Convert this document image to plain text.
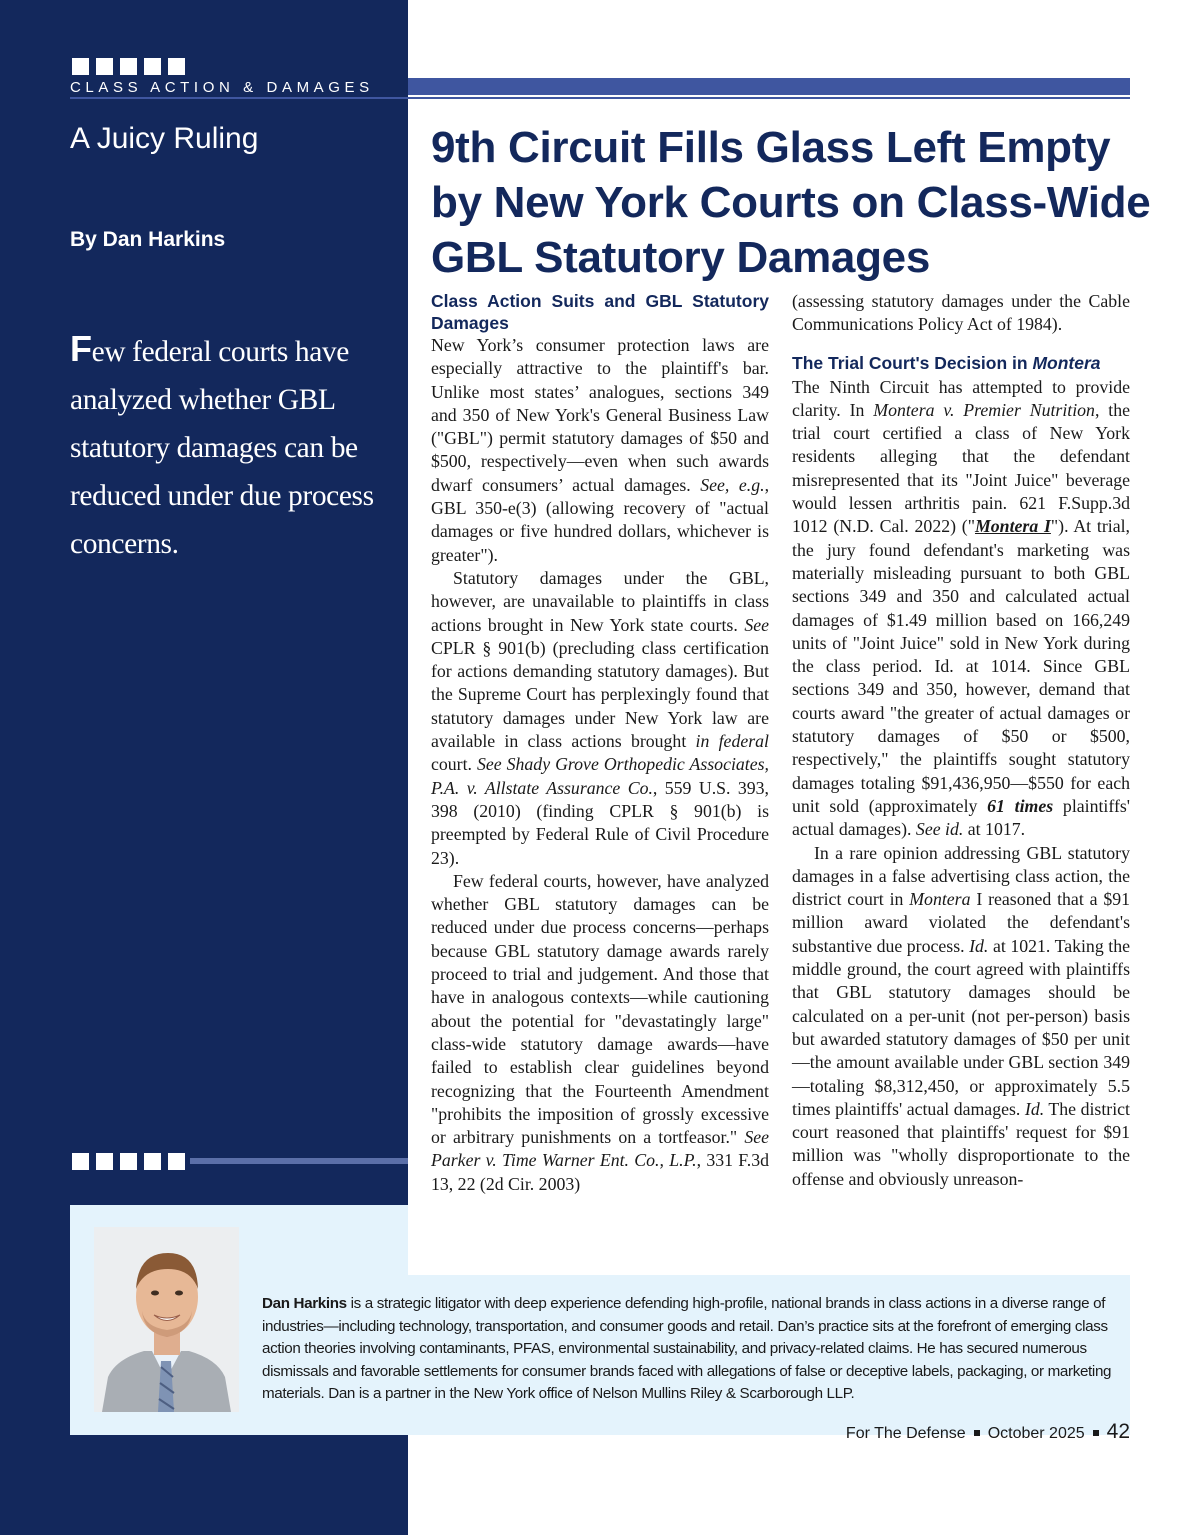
CLASS ACTION & DAMAGES
A Juicy Ruling
By Dan Harkins
Few federal courts have analyzed whether GBL statutory damages can be reduced under due process concerns.
9th Circuit Fills Glass Left Empty by New York Courts on Class-Wide GBL Statutory Damages

Class Action Suits and GBL Statutory Damages

New York’s consumer protection laws are especially attractive to the plaintiff's bar. Unlike most states’ analogues, sections 349 and 350 of New York's General Business Law ("GBL") permit statutory damages of $50 and $500, respectively—even when such awards dwarf consumers’ actual damages. See, e.g., GBL 350-e(3) (allowing recovery of "actual damages or five hundred dollars, whichever is greater").

Statutory damages under the GBL, however, are unavailable to plaintiffs in class actions brought in New York state courts. See CPLR § 901(b) (precluding class certification for actions demanding statutory damages). But the Supreme Court has perplexingly found that statutory damages under New York law are available in class actions brought in federal court. See Shady Grove Orthopedic Associates, P.A. v. Allstate Assurance Co., 559 U.S. 393, 398 (2010) (finding CPLR § 901(b) is preempted by Federal Rule of Civil Procedure 23).

Few federal courts, however, have analyzed whether GBL statutory damages can be reduced under due process concerns—perhaps because GBL statutory damage awards rarely proceed to trial and judgement. And those that have in analogous contexts—while cautioning about the potential for "devastatingly large" class-wide statutory damage awards—have failed to establish clear guidelines beyond recognizing that the Fourteenth Amendment "prohibits the imposition of grossly excessive or arbitrary punishments on a tortfeasor." See Parker v. Time Warner Ent. Co., L.P., 331 F.3d 13, 22 (2d Cir. 2003)

(assessing statutory damages under the Cable Communications Policy Act of 1984).

The Trial Court's Decision in Montera

The Ninth Circuit has attempted to provide clarity. In Montera v. Premier Nutrition, the trial court certified a class of New York residents alleging that the defendant misrepresented that its "Joint Juice" beverage would lessen arthritis pain. 621 F.Supp.3d 1012 (N.D. Cal. 2022) ("Montera I"). At trial, the jury found defendant's marketing was materially misleading pursuant to both GBL sections 349 and 350 and calculated actual damages of $1.49 million based on 166,249 units of "Joint Juice" sold in New York during the class period. Id. at 1014. Since GBL sections 349 and 350, however, demand that courts award "the greater of actual damages or statutory damages of $50 or $500, respectively," the plaintiffs sought statutory damages totaling $91,436,950—$550 for each unit sold (approximately 61 times plaintiffs' actual damages). See id. at 1017.

In a rare opinion addressing GBL statutory damages in a false advertising class action, the district court in Montera I reasoned that a $91 million award violated the defendant's substantive due process. Id. at 1021. Taking the middle ground, the court agreed with plaintiffs that GBL statutory damages should be calculated on a per-unit (not per-person) basis but awarded statutory damages of $50 per unit—the amount available under GBL section 349—totaling $8,312,450, or approximately 5.5 times plaintiffs' actual damages. Id. The district court reasoned that plaintiffs' request for $91 million was "wholly disproportionate to the offense and obviously unreason-

Dan Harkins is a strategic litigator with deep experience defending high-profile, national brands in class actions in a diverse range of industries—including technology, transportation, and consumer goods and retail. Dan’s practice sits at the forefront of emerging class action theories involving contaminants, PFAS, environmental sustainability, and privacy-related claims. He has secured numerous dismissals and favorable settlements for consumer brands faced with allegations of false or deceptive labels, packaging, or marketing materials. Dan is a partner in the New York office of Nelson Mullins Riley & Scarborough LLP.
For The Defense October 2025 42
